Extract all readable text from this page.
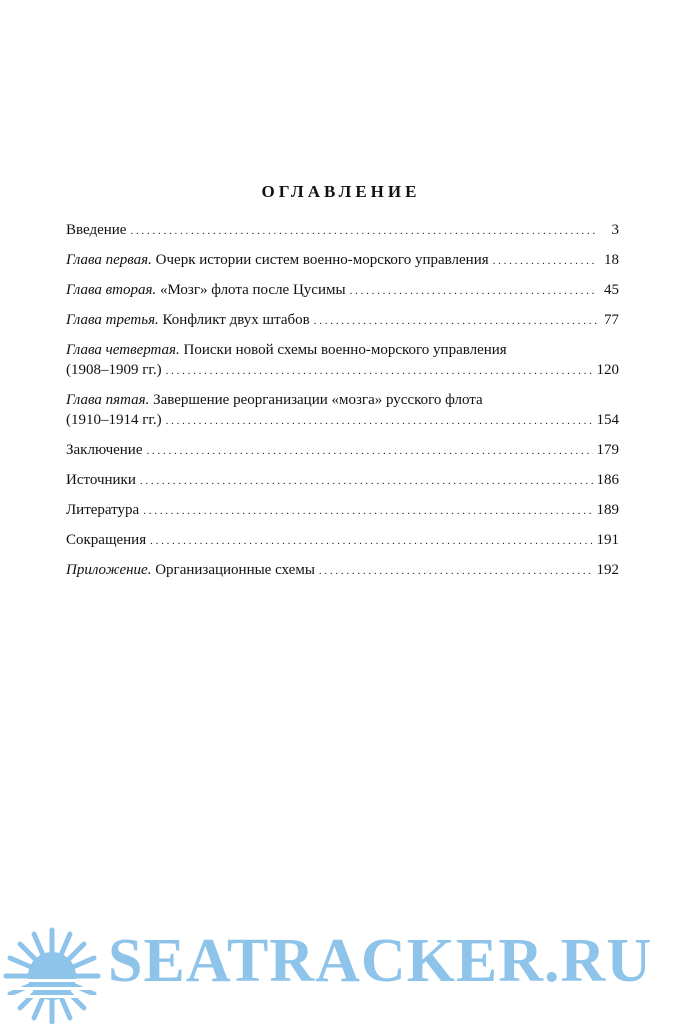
ОГЛАВЛЕНИЕ
Введение . . .	3
Глава первая. Очерк истории систем военно-морского управления . . .	18
Глава вторая. «Мозг» флота после Цусимы . . .	45
Глава третья. Конфликт двух штабов . . .	77
Глава четвертая. Поиски новой схемы военно-морского управления
(1908–1909 гг.) . . .	120
Глава пятая. Завершение реорганизации «мозга» русского флота
(1910–1914 гг.) . . .	154
Заключение . . .	179
Источники . . .	186
Литература . . .	189
Сокращения . . .	191
Приложение. Организационные схемы . . .	192
SEATRACKER.RU
